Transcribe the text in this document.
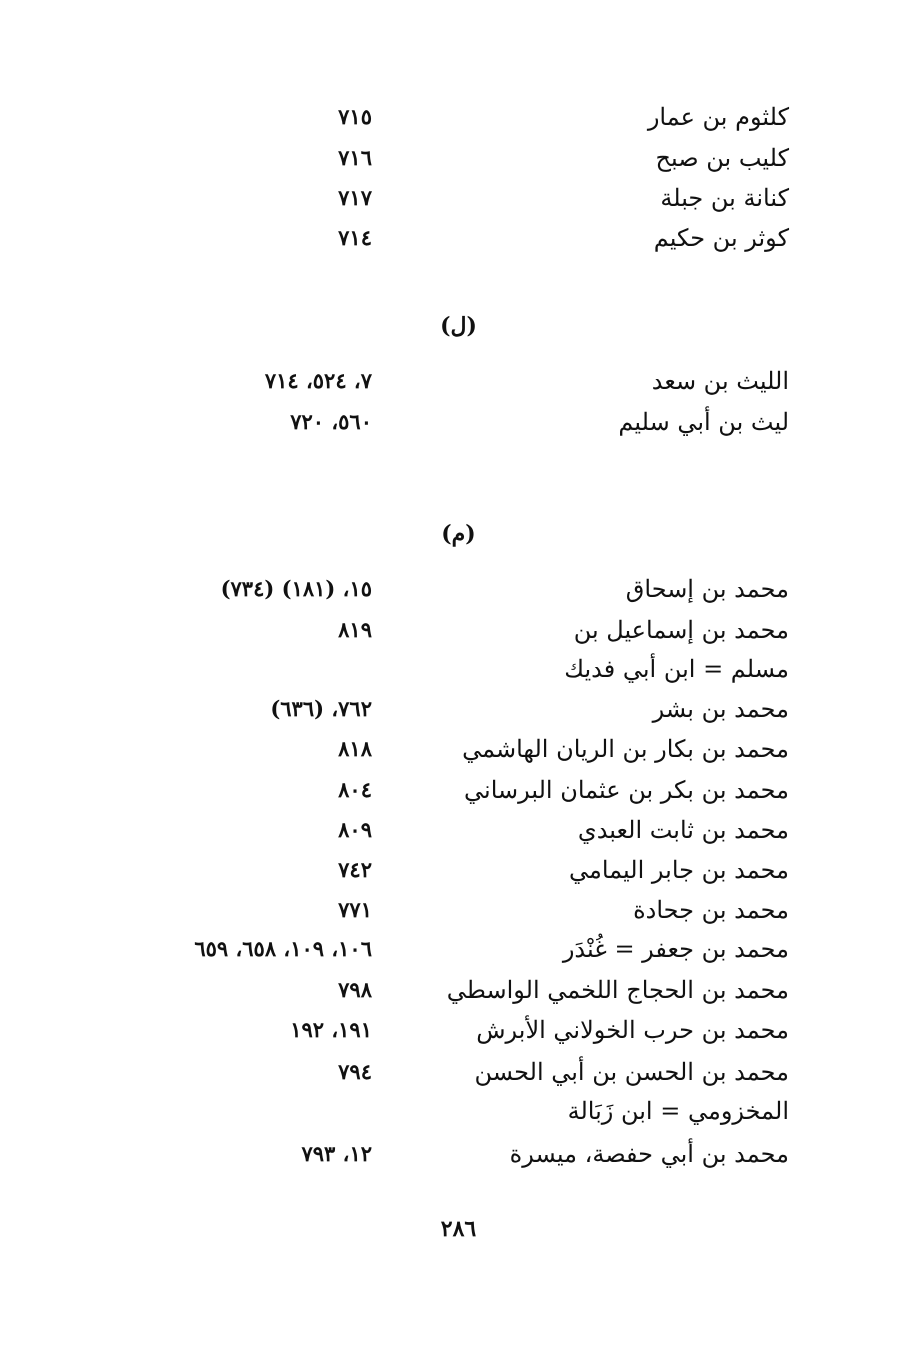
كلثوم بن عمار
٧١٥
كليب بن صبح
٧١٦
كنانة بن جبلة
٧١٧
كوثر بن حكيم
٧١٤
(ل)
الليث بن سعد
٧، ٥٢٤، ٧١٤
ليث بن أبي سليم
٥٦٠، ٧٢٠
(م)
محمد بن إسحاق
١٥، (١٨١) (٧٣٤)
محمد بن إسماعيل بن
٨١٩
مسلم = ابن أبي فديك
محمد بن بشر
٧٦٢، (٦٣٦)
محمد بن بكار بن الريان الهاشمي
٨١٨
محمد بن بكر بن عثمان البرساني
٨٠٤
محمد بن ثابت العبدي
٨٠٩
محمد بن جابر اليمامي
٧٤٢
محمد بن جحادة
٧٧١
محمد بن جعفر = غُنْدَر
١٠٦، ١٠٩، ٦٥٨، ٦٥٩
محمد بن الحجاج اللخمي الواسطي
٧٩٨
محمد بن حرب الخولاني الأبرش
١٩١، ١٩٢
محمد بن الحسن بن أبي الحسن
٧٩٤
المخزومي = ابن زَبَالة
محمد بن أبي حفصة، ميسرة
١٢، ٧٩٣
٢٨٦
